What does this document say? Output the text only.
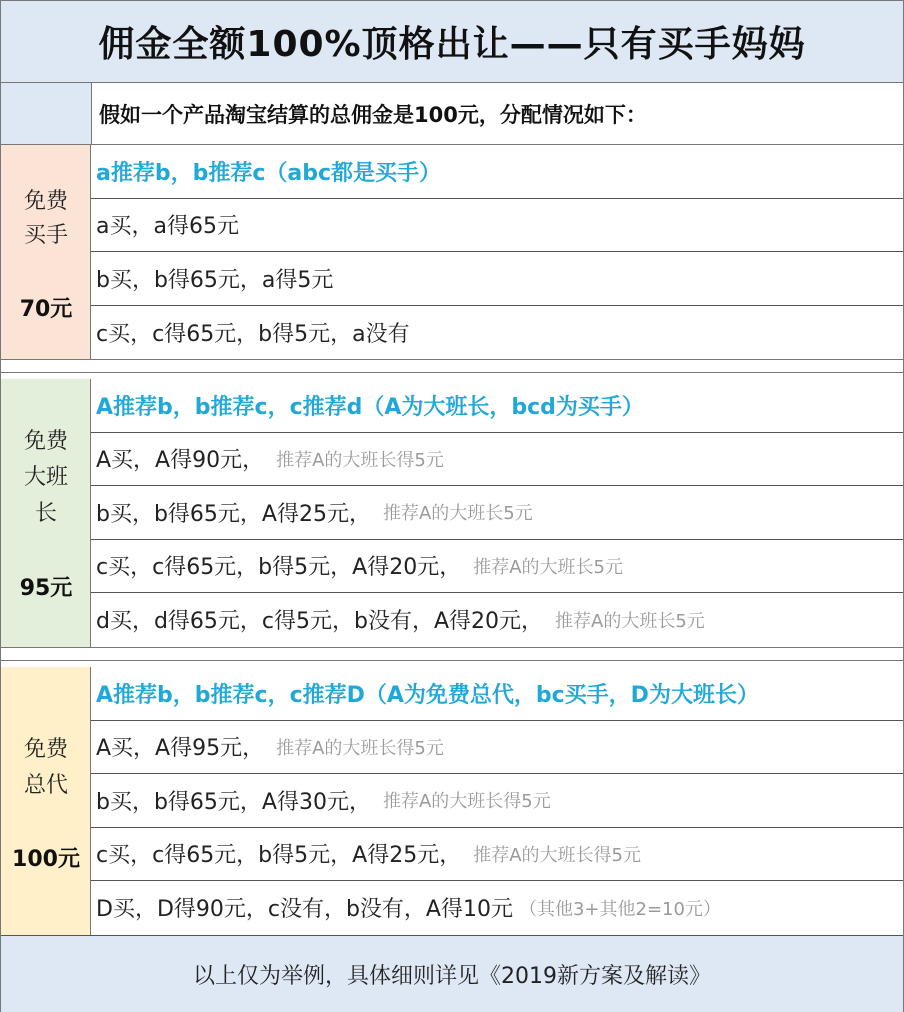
佣金全额100%顶格出让——只有买手妈妈
假如一个产品淘宝结算的总佣金是100元，分配情况如下：
免费
买手
70元
a推荐b，b推荐c（abc都是买手）
a买，a得65元
b买，b得65元，a得5元
c买，c得65元，b得5元，a没有
免费
大班
长
95元
A推荐b，b推荐c，c推荐d（A为大班长，bcd为买手）
A买，A得90元， 推荐A的大班长得5元
b买，b得65元，A得25元， 推荐A的大班长5元
c买，c得65元，b得5元，A得20元， 推荐A的大班长5元
d买，d得65元，c得5元，b没有，A得20元， 推荐A的大班长5元
免费
总代
100元
A推荐b，b推荐c，c推荐D（A为免费总代，bc买手，D为大班长）
A买，A得95元， 推荐A的大班长得5元
b买，b得65元，A得30元， 推荐A的大班长得5元
c买，c得65元，b得5元，A得25元， 推荐A的大班长得5元
D买，D得90元，c没有，b没有，A得10元 （其他3+其他2=10元）
以上仅为举例，具体细则详见《2019新方案及解读》
